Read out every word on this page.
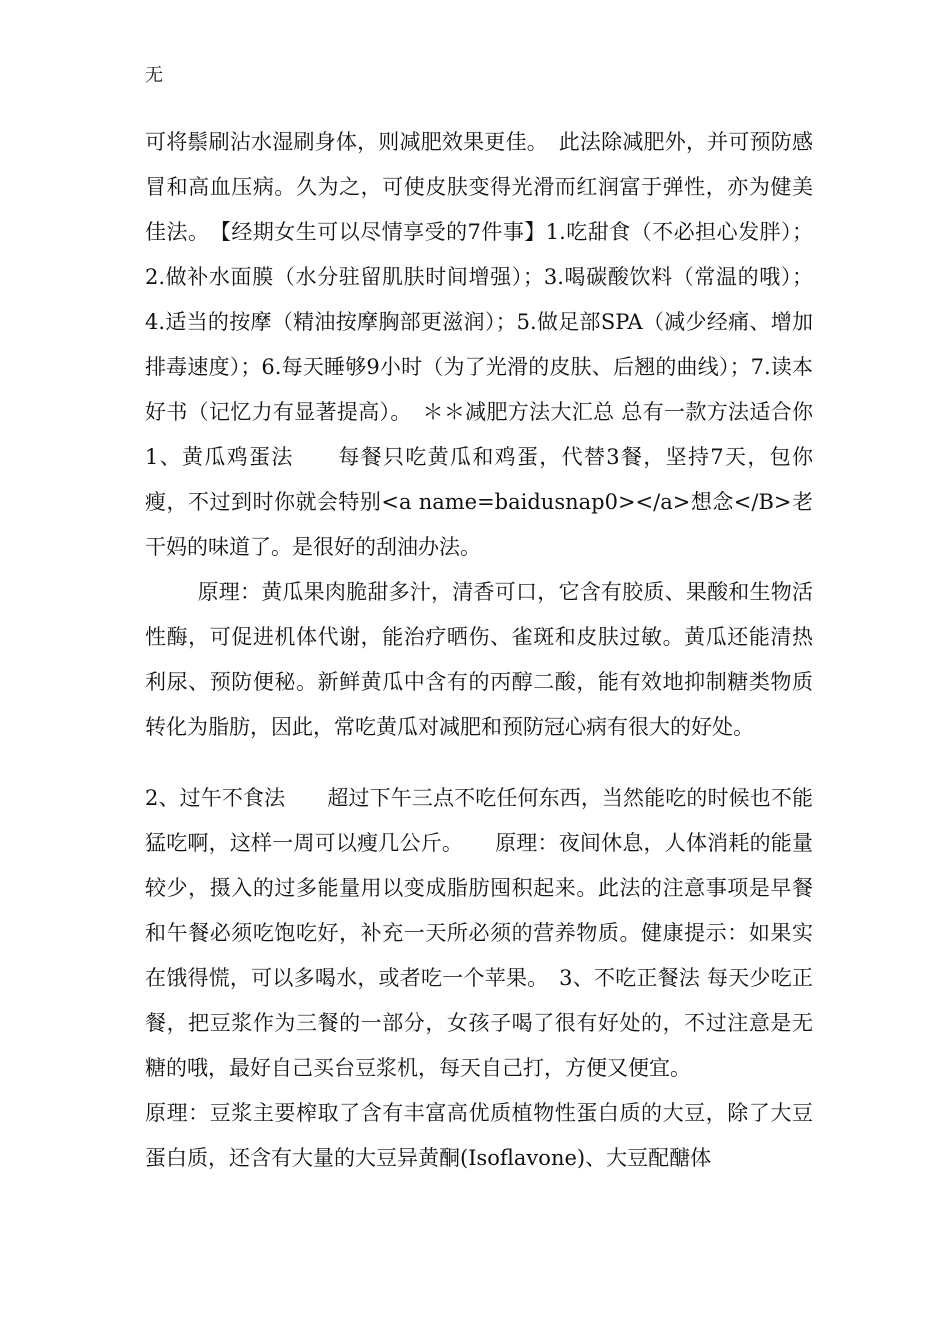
无

可将鬃刷沾水湿刷身体，则减肥效果更佳。　此法除减肥外，并可预防感冒和高血压病。久为之，可使皮肤变得光滑而红润富于弹性，亦为健美佳法。　【经期女生可以尽情享受的7件事】1.吃甜食（不必担心发胖）；2.做补水面膜（水分驻留肌肤时间增强）；3.喝碳酸饮料（常温的哦）；4.适当的按摩（精油按摩胸部更滋润）；5.做足部SPA（减少经痛、增加排毒速度）；6.每天睡够9小时（为了光滑的皮肤、后翘的曲线）；7.读本好书（记忆力有显著提高）。　＊＊减肥方法大汇总 总有一款方法适合你 1、黄瓜鸡蛋法　　每餐只吃黄瓜和鸡蛋，代替3餐，坚持7天，包你瘦，不过到时你就会特别<a name=baidusnap0></a>想念</B>老干妈的味道了。是很好的刮油办法。

原理：黄瓜果肉脆甜多汁，清香可口，它含有胶质、果酸和生物活性酶，可促进机体代谢，能治疗晒伤、雀斑和皮肤过敏。黄瓜还能清热利尿、预防便秘。新鲜黄瓜中含有的丙醇二酸，能有效地抑制糖类物质转化为脂肪，因此，常吃黄瓜对减肥和预防冠心病有很大的好处。

2、过午不食法　　超过下午三点不吃任何东西，当然能吃的时候也不能猛吃啊，这样一周可以瘦几公斤。　　原理：夜间休息，人体消耗的能量较少，摄入的过多能量用以变成脂肪囤积起来。此法的注意事项是早餐和午餐必须吃饱吃好，补充一天所必须的营养物质。健康提示：如果实在饿得慌，可以多喝水，或者吃一个苹果。　3、不吃正餐法 每天少吃正餐，把豆浆作为三餐的一部分，女孩子喝了很有好处的，不过注意是无糖的哦，最好自己买台豆浆机，每天自己打，方便又便宜。

原理：豆浆主要榨取了含有丰富高优质植物性蛋白质的大豆，除了大豆蛋白质，还含有大量的大豆异黄酮(Isoflavone)、大豆配醣体
